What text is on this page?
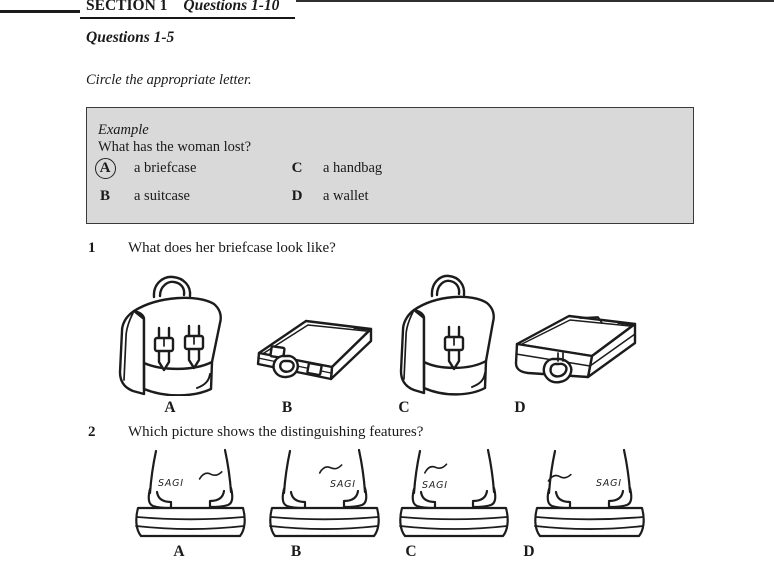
SECTION 1 Questions 1-10
Questions 1-5
Circle the appropriate letter.
Example
What has the woman lost?
A	a briefcase	C	a handbag
B	a suitcase	D	a wallet
1 What does her briefcase look like?
A	B	C	D
2 Which picture shows the distinguishing features?
SAGI	SAGI	SAGI	SAGI
A	B	C	D
